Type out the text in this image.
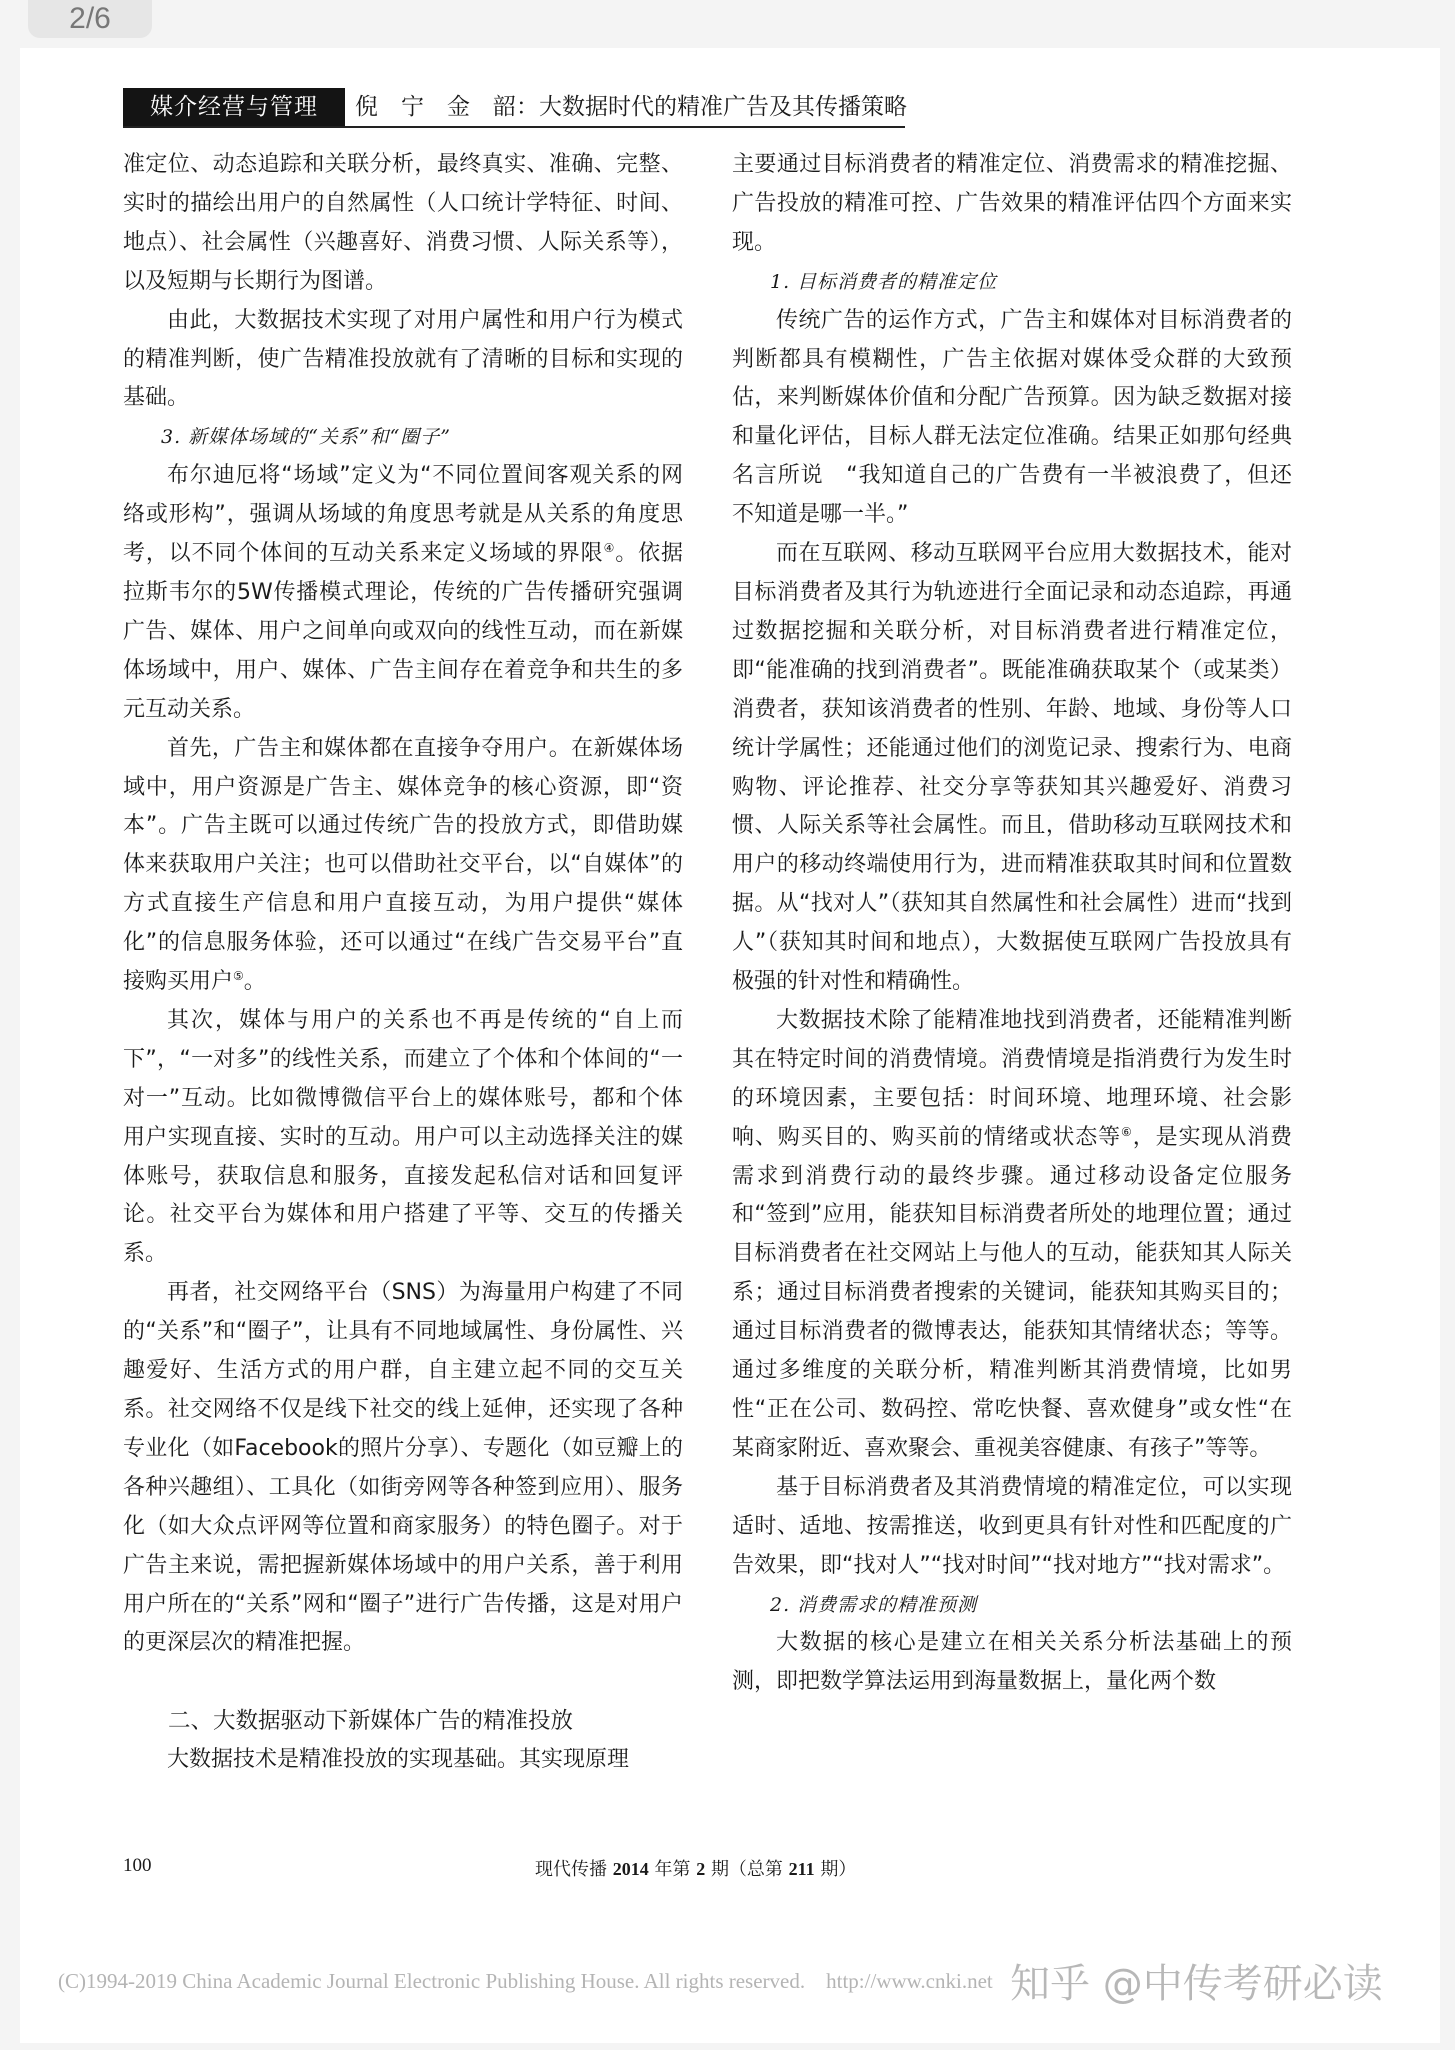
2/6
媒介经营与管理	倪　宁　金　韶：大数据时代的精准广告及其传播策略

准定位、动态追踪和关联分析，最终真实、准确、完整、实时的描绘出用户的自然属性（人口统计学特征、时间、地点）、社会属性（兴趣喜好、消费习惯、人际关系等），以及短期与长期行为图谱。

由此，大数据技术实现了对用户属性和用户行为模式的精准判断，使广告精准投放就有了清晰的目标和实现的基础。

3. 新媒体场域的“关系”和“圈子”

布尔迪厄将“场域”定义为“不同位置间客观关系的网络或形构”，强调从场域的角度思考就是从关系的角度思考，以不同个体间的互动关系来定义场域的界限④。依据拉斯韦尔的5W传播模式理论，传统的广告传播研究强调广告、媒体、用户之间单向或双向的线性互动，而在新媒体场域中，用户、媒体、广告主间存在着竞争和共生的多元互动关系。

首先，广告主和媒体都在直接争夺用户。在新媒体场域中，用户资源是广告主、媒体竞争的核心资源，即“资本”。广告主既可以通过传统广告的投放方式，即借助媒体来获取用户关注；也可以借助社交平台，以“自媒体”的方式直接生产信息和用户直接互动，为用户提供“媒体化”的信息服务体验，还可以通过“在线广告交易平台”直接购买用户⑤。

其次，媒体与用户的关系也不再是传统的“自上而下”，“一对多”的线性关系，而建立了个体和个体间的“一对一”互动。比如微博微信平台上的媒体账号，都和个体用户实现直接、实时的互动。用户可以主动选择关注的媒体账号，获取信息和服务，直接发起私信对话和回复评论。社交平台为媒体和用户搭建了平等、交互的传播关系。

再者，社交网络平台（SNS）为海量用户构建了不同的“关系”和“圈子”，让具有不同地域属性、身份属性、兴趣爱好、生活方式的用户群，自主建立起不同的交互关系。社交网络不仅是线下社交的线上延伸，还实现了各种专业化（如Facebook的照片分享）、专题化（如豆瓣上的各种兴趣组）、工具化（如街旁网等各种签到应用）、服务化（如大众点评网等位置和商家服务）的特色圈子。对于广告主来说，需把握新媒体场域中的用户关系，善于利用用户所在的“关系”网和“圈子”进行广告传播，这是对用户的更深层次的精准把握。

二、大数据驱动下新媒体广告的精准投放

大数据技术是精准投放的实现基础。其实现原理

主要通过目标消费者的精准定位、消费需求的精准挖掘、广告投放的精准可控、广告效果的精准评估四个方面来实现。

1. 目标消费者的精准定位

传统广告的运作方式，广告主和媒体对目标消费者的判断都具有模糊性，广告主依据对媒体受众群的大致预估，来判断媒体价值和分配广告预算。因为缺乏数据对接和量化评估，目标人群无法定位准确。结果正如那句经典名言所说　“我知道自己的广告费有一半被浪费了，但还不知道是哪一半。”

而在互联网、移动互联网平台应用大数据技术，能对目标消费者及其行为轨迹进行全面记录和动态追踪，再通过数据挖掘和关联分析，对目标消费者进行精准定位，即“能准确的找到消费者”。既能准确获取某个（或某类）消费者，获知该消费者的性别、年龄、地域、身份等人口统计学属性；还能通过他们的浏览记录、搜索行为、电商购物、评论推荐、社交分享等获知其兴趣爱好、消费习惯、人际关系等社会属性。而且，借助移动互联网技术和用户的移动终端使用行为，进而精准获取其时间和位置数据。从“找对人”（获知其自然属性和社会属性）进而“找到人”（获知其时间和地点），大数据使互联网广告投放具有极强的针对性和精确性。

大数据技术除了能精准地找到消费者，还能精准判断其在特定时间的消费情境。消费情境是指消费行为发生时的环境因素，主要包括：时间环境、地理环境、社会影响、购买目的、购买前的情绪或状态等⑥，是实现从消费需求到消费行动的最终步骤。通过移动设备定位服务和“签到”应用，能获知目标消费者所处的地理位置；通过目标消费者在社交网站上与他人的互动，能获知其人际关系；通过目标消费者搜索的关键词，能获知其购买目的；通过目标消费者的微博表达，能获知其情绪状态；等等。通过多维度的关联分析，精准判断其消费情境，比如男性“正在公司、数码控、常吃快餐、喜欢健身”或女性“在某商家附近、喜欢聚会、重视美容健康、有孩子”等等。

基于目标消费者及其消费情境的精准定位，可以实现适时、适地、按需推送，收到更具有针对性和匹配度的广告效果，即“找对人”“找对时间”“找对地方”“找对需求”。

2. 消费需求的精准预测

大数据的核心是建立在相关关系分析法基础上的预测，即把数学算法运用到海量数据上，量化两个数

100	现代传播 2014 年第 2 期（总第 211 期）
(C)1994-2019 China Academic Journal Electronic Publishing House. All rights reserved.　http://www.cnki.net 知乎 @中传考研必读
